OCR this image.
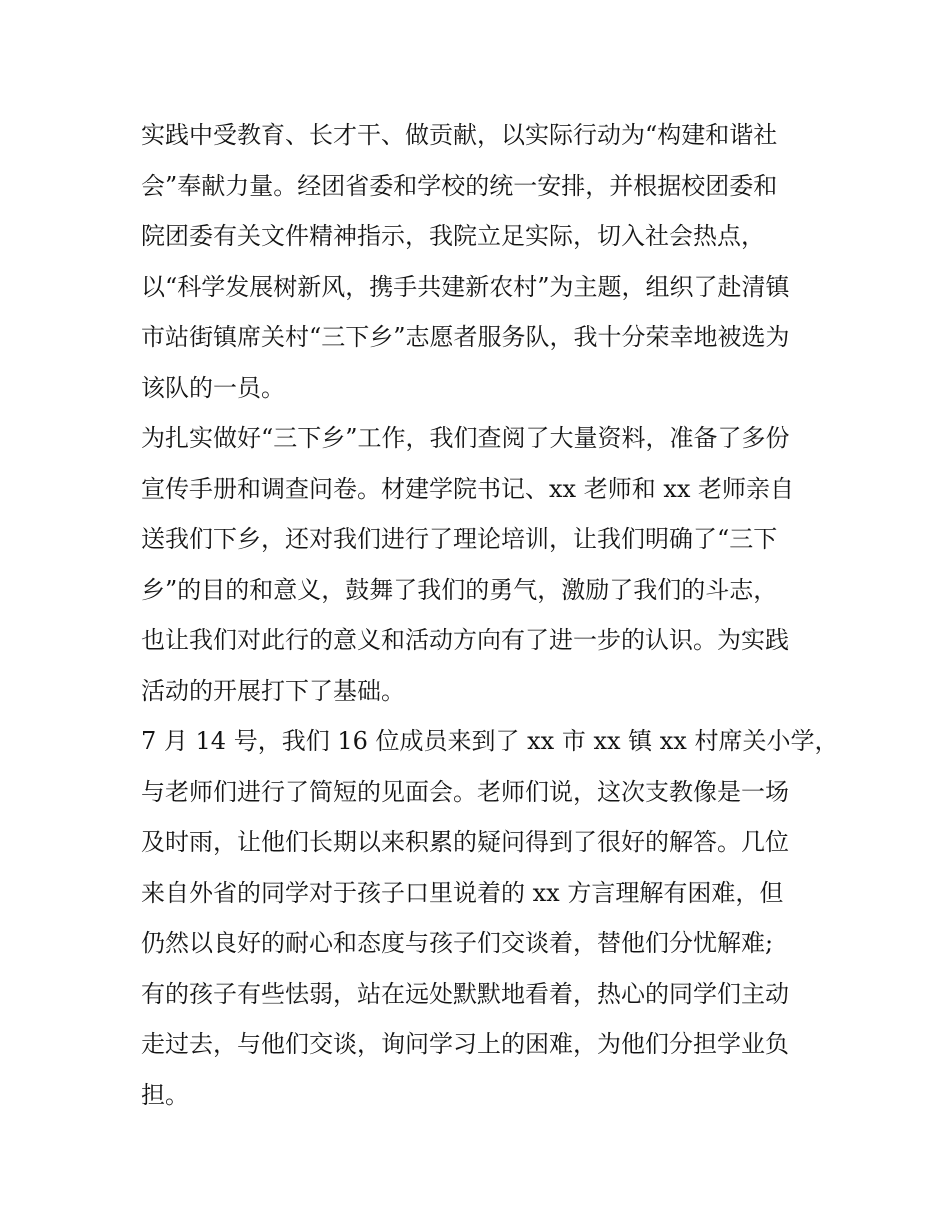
实践中受教育、长才干、做贡献，以实际行动为“构建和谐社
会”奉献力量。经团省委和学校的统一安排，并根据校团委和
院团委有关文件精神指示，我院立足实际，切入社会热点，
以“科学发展树新风，携手共建新农村”为主题，组织了赴清镇
市站街镇席关村“三下乡”志愿者服务队，我十分荣幸地被选为
该队的一员。
为扎实做好“三下乡”工作，我们查阅了大量资料，准备了多份
宣传手册和调查问卷。材建学院书记、xx 老师和 xx 老师亲自
送我们下乡，还对我们进行了理论培训，让我们明确了“三下
乡”的目的和意义，鼓舞了我们的勇气，激励了我们的斗志，
也让我们对此行的意义和活动方向有了进一步的认识。为实践
活动的开展打下了基础。
7 月 14 号，我们 16 位成员来到了 xx 市 xx 镇 xx 村席关小学，
与老师们进行了简短的见面会。老师们说，这次支教像是一场
及时雨，让他们长期以来积累的疑问得到了很好的解答。几位
来自外省的同学对于孩子口里说着的 xx 方言理解有困难，但
仍然以良好的耐心和态度与孩子们交谈着，替他们分忧解难;
有的孩子有些怯弱，站在远处默默地看着，热心的同学们主动
走过去，与他们交谈，询问学习上的困难，为他们分担学业负
担。
